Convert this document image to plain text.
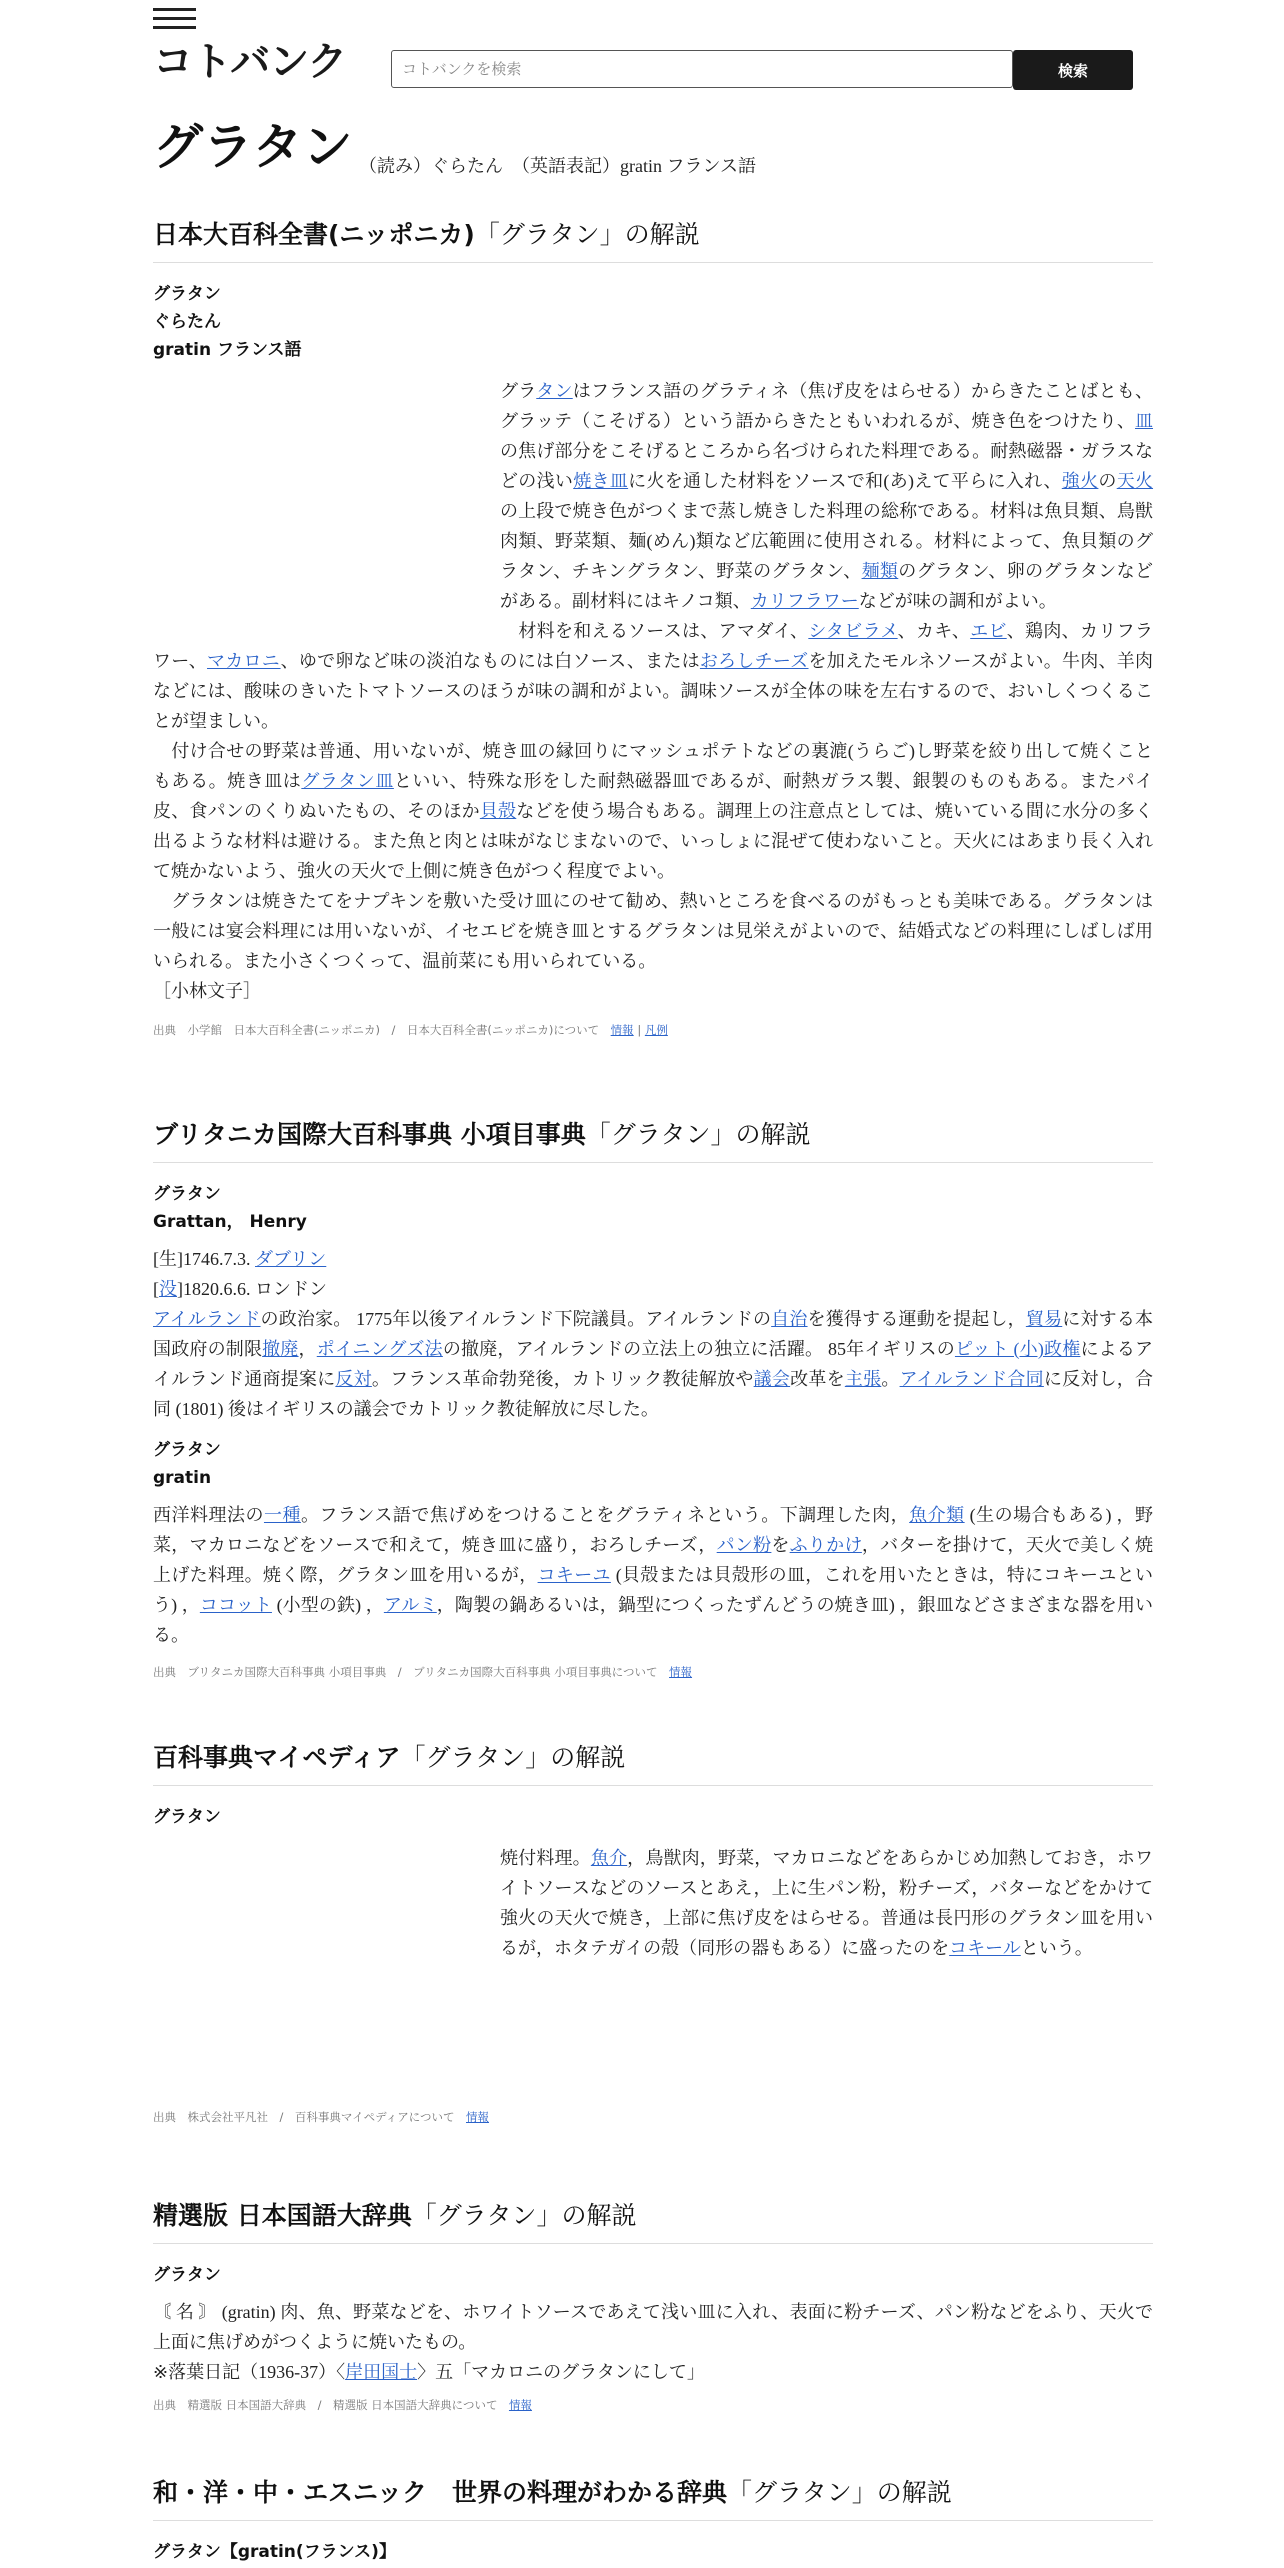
コトバンク
コトバンクを検索	検索
グラタン （読み）ぐらたん　（英語表記）gratin フランス語
日本大百科全書(ニッポニカ)「グラタン」の解説
グラタン
ぐらたん
gratin フランス語

グラタンはフランス語のグラティネ（焦げ皮をはらせる）からきたことばとも、グラッテ（こそげる）という語からきたともいわれるが、焼き色をつけたり、皿の焦げ部分をこそげるところから名づけられた料理である。耐熱磁器・ガラスなどの浅い焼き皿に火を通した材料をソースで和(あ)えて平らに入れ、強火の天火の上段で焼き色がつくまで蒸し焼きした料理の総称である。材料は魚貝類、鳥獣肉類、野菜類、麺(めん)類など広範囲に使用される。材料によって、魚貝類のグラタン、チキングラタン、野菜のグラタン、麺類のグラタン、卵のグラタンなどがある。副材料にはキノコ類、カリフラワーなどが味の調和がよい。
　材料を和えるソースは、アマダイ、シタビラメ、カキ、エビ、鶏肉、カリフラワー、マカロニ、ゆで卵など味の淡泊なものには白ソース、またはおろしチーズを加えたモルネソースがよい。牛肉、羊肉などには、酸味のきいたトマトソースのほうが味の調和がよい。調味ソースが全体の味を左右するので、おいしくつくることが望ましい。
　付け合せの野菜は普通、用いないが、焼き皿の縁回りにマッシュポテトなどの裏漉(うらご)し野菜を絞り出して焼くこともある。焼き皿はグラタン皿といい、特殊な形をした耐熱磁器皿であるが、耐熱ガラス製、銀製のものもある。またパイ皮、食パンのくりぬいたもの、そのほか貝殻などを使う場合もある。調理上の注意点としては、焼いている間に水分の多く出るような材料は避ける。また魚と肉とは味がなじまないので、いっしょに混ぜて使わないこと。天火にはあまり長く入れて焼かないよう、強火の天火で上側に焼き色がつく程度でよい。
　グラタンは焼きたてをナプキンを敷いた受け皿にのせて勧め、熱いところを食べるのがもっとも美味である。グラタンは一般には宴会料理には用いないが、イセエビを焼き皿とするグラタンは見栄えがよいので、結婚式などの料理にしばしば用いられる。また小さくつくって、温前菜にも用いられている。
［小林文子］

出典　小学館　日本大百科全書(ニッポニカ)　/　日本大百科全書(ニッポニカ)について　 情報 | 凡例
ブリタニカ国際大百科事典 小項目事典「グラタン」の解説
グラタン
Grattan， Henry

[生]1746.7.3. ダブリン
[没]1820.6.6. ロンドン
アイルランドの政治家。 1775年以後アイルランド下院議員。アイルランドの自治を獲得する運動を提起し，貿易に対する本国政府の制限撤廃，ポイニングズ法の撤廃，アイルランドの立法上の独立に活躍。 85年イギリスのピット (小)政権によるアイルランド通商提案に反対。フランス革命勃発後，カトリック教徒解放や議会改革を主張。アイルランド合同に反対し，合同 (1801) 後はイギリスの議会でカトリック教徒解放に尽した。

グラタン
gratin

西洋料理法の一種。フランス語で焦げめをつけることをグラティネという。下調理した肉，魚介類 (生の場合もある) ，野菜，マカロニなどをソースで和えて，焼き皿に盛り，おろしチーズ，パン粉をふりかけ，バターを掛けて，天火で美しく焼上げた料理。焼く際，グラタン皿を用いるが，コキーユ (貝殻または貝殻形の皿，これを用いたときは，特にコキーユという) ，ココット (小型の鉄) ，アルミ，陶製の鍋あるいは，鍋型につくったずんどうの焼き皿) ，銀皿などさまざまな器を用いる。

出典　ブリタニカ国際大百科事典 小項目事典　/　ブリタニカ国際大百科事典 小項目事典について　 情報
百科事典マイペディア「グラタン」の解説
グラタン

焼付料理。魚介，鳥獣肉，野菜，マカロニなどをあらかじめ加熱しておき，ホワイトソースなどのソースとあえ，上に生パン粉，粉チーズ，バターなどをかけて強火の天火で焼き，上部に焦げ皮をはらせる。普通は長円形のグラタン皿を用いるが，ホタテガイの殻（同形の器もある）に盛ったのをコキールという。

出典　株式会社平凡社　/　百科事典マイペディアについて　 情報
精選版 日本国語大辞典「グラタン」の解説
グラタン

〘 名 〙 (gratin) 肉、魚、野菜などを、ホワイトソースであえて浅い皿に入れ、表面に粉チーズ、パン粉などをふり、天火で上面に焦げめがつくように焼いたもの。
※落葉日記（1936-37）〈岸田国士〉五「マカロニのグラタンにして」

出典　精選版 日本国語大辞典　/　精選版 日本国語大辞典について　 情報
和・洋・中・エスニック　世界の料理がわかる辞典「グラタン」の解説
グラタン【gratin(フランス)】
